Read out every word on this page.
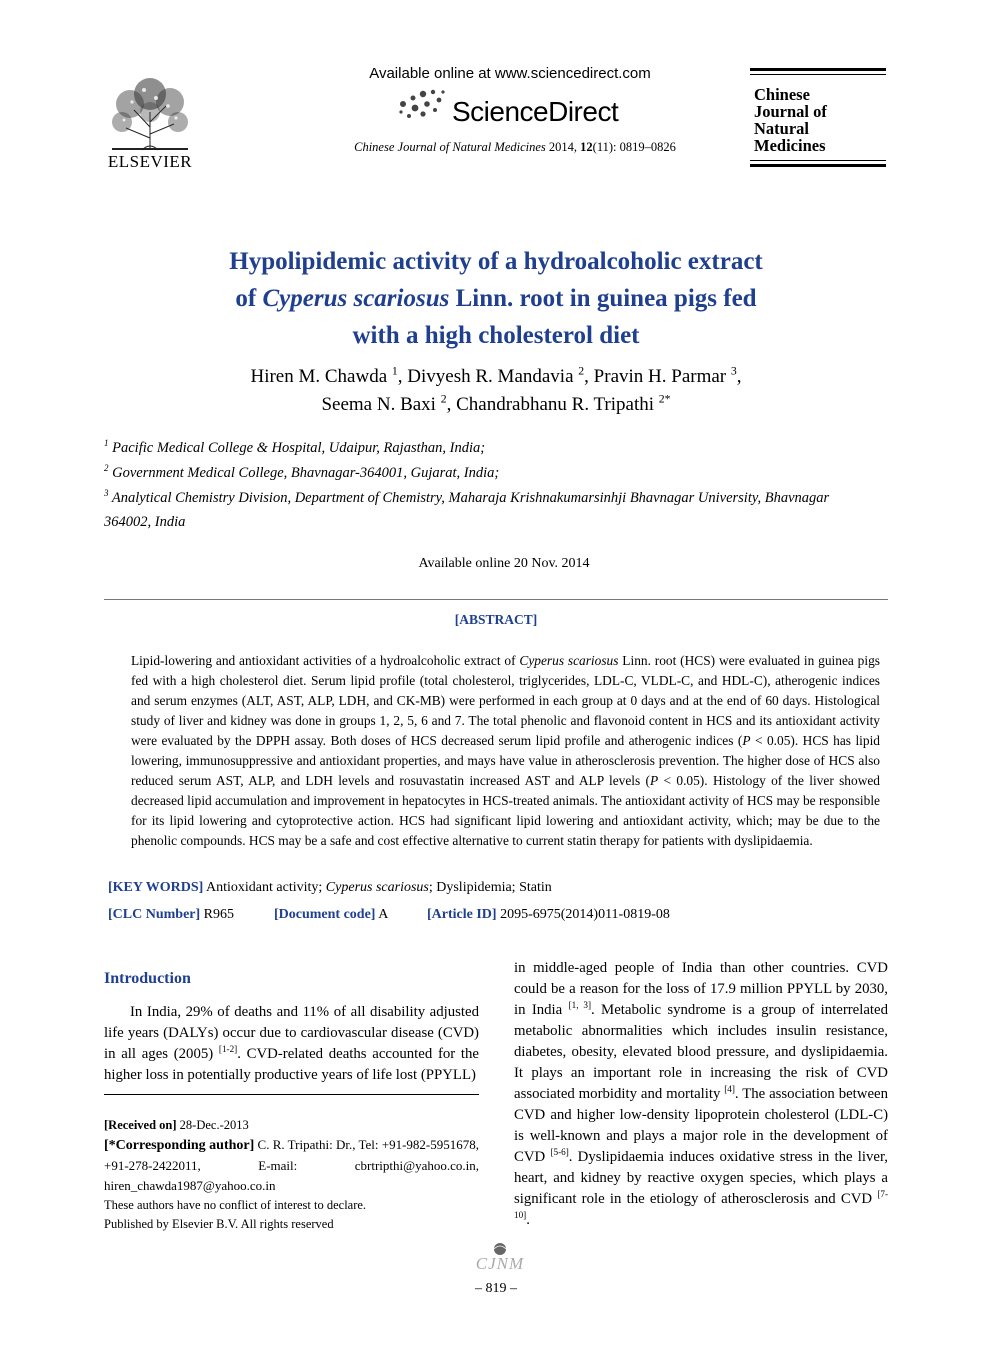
ELSEVIER
Available online at www.sciencedirect.com
ScienceDirect
Chinese Journal of Natural Medicines 2014, 12(11): 0819–0826
Chinese
Journal of
Natural
Medicines
Hypolipidemic activity of a hydroalcoholic extract
of Cyperus scariosus Linn. root in guinea pigs fed
with a high cholesterol diet
Hiren M. Chawda $^1$, Divyesh R. Mandavia $^2$, Pravin H. Parmar $^3$,
Seema N. Baxi $^2$, Chandrabhanu R. Tripathi $^{2*}$
$^1$ Pacific Medical College & Hospital, Udaipur, Rajasthan, India;
$^2$ Government Medical College, Bhavnagar-364001, Gujarat, India;
$^3$ Analytical Chemistry Division, Department of Chemistry, Maharaja Krishnakumarsinhji Bhavnagar University, Bhavnagar 364002, India
Available online 20 Nov. 2014
[ABSTRACT]
Lipid-lowering and antioxidant activities of a hydroalcoholic extract of Cyperus scariosus Linn. root (HCS) were evaluated in guinea pigs fed with a high cholesterol diet. Serum lipid profile (total cholesterol, triglycerides, LDL-C, VLDL-C, and HDL-C), atherogenic indices and serum enzymes (ALT, AST, ALP, LDH, and CK-MB) were performed in each group at 0 days and at the end of 60 days. Histological study of liver and kidney was done in groups 1, 2, 5, 6 and 7. The total phenolic and flavonoid content in HCS and its antioxidant activity were evaluated by the DPPH assay. Both doses of HCS decreased serum lipid profile and atherogenic indices (P < 0.05). HCS has lipid lowering, immunosuppressive and antioxidant properties, and mays have value in atherosclerosis prevention. The higher dose of HCS also reduced serum AST, ALP, and LDH levels and rosuvastatin increased AST and ALP levels (P < 0.05). Histology of the liver showed decreased lipid accumulation and improvement in hepatocytes in HCS-treated animals. The antioxidant activity of HCS may be responsible for its lipid lowering and cytoprotective action. HCS had significant lipid lowering and antioxidant activity, which; may be due to the phenolic compounds. HCS may be a safe and cost effective alternative to current statin therapy for patients with dyslipidaemia.
[KEY WORDS] Antioxidant activity; Cyperus scariosus; Dyslipidemia; Statin
[CLC Number] R965	[Document code] A	[Article ID] 2095-6975(2014)011-0819-08
Introduction
In India, 29% of deaths and 11% of all disability adjusted life years (DALYs) occur due to cardiovascular disease (CVD) in all ages (2005) [1-2]. CVD-related deaths accounted for the higher loss in potentially productive years of life lost (PPYLL)
in middle-aged people of India than other countries. CVD could be a reason for the loss of 17.9 million PPYLL by 2030, in India [1, 3]. Metabolic syndrome is a group of interrelated metabolic abnormalities which includes insulin resistance, diabetes, obesity, elevated blood pressure, and dyslipidaemia. It plays an important role in increasing the risk of CVD associated morbidity and mortality [4]. The association between CVD and higher low-density lipoprotein cholesterol (LDL-C) is well-known and plays a major role in the development of CVD [5-6]. Dyslipidaemia induces oxidative stress in the liver, heart, and kidney by reactive oxygen species, which plays a significant role in the etiology of atherosclerosis and CVD [7-10].
[Received on] 28-Dec.-2013
[*Corresponding author] C. R. Tripathi: Dr., Tel: +91-982-5951678, +91-278-2422011, E-mail: cbrtripthi@yahoo.co.in, hiren_chawda1987@yahoo.co.in
These authors have no conflict of interest to declare.
Published by Elsevier B.V. All rights reserved
CJNM
– 819 –
